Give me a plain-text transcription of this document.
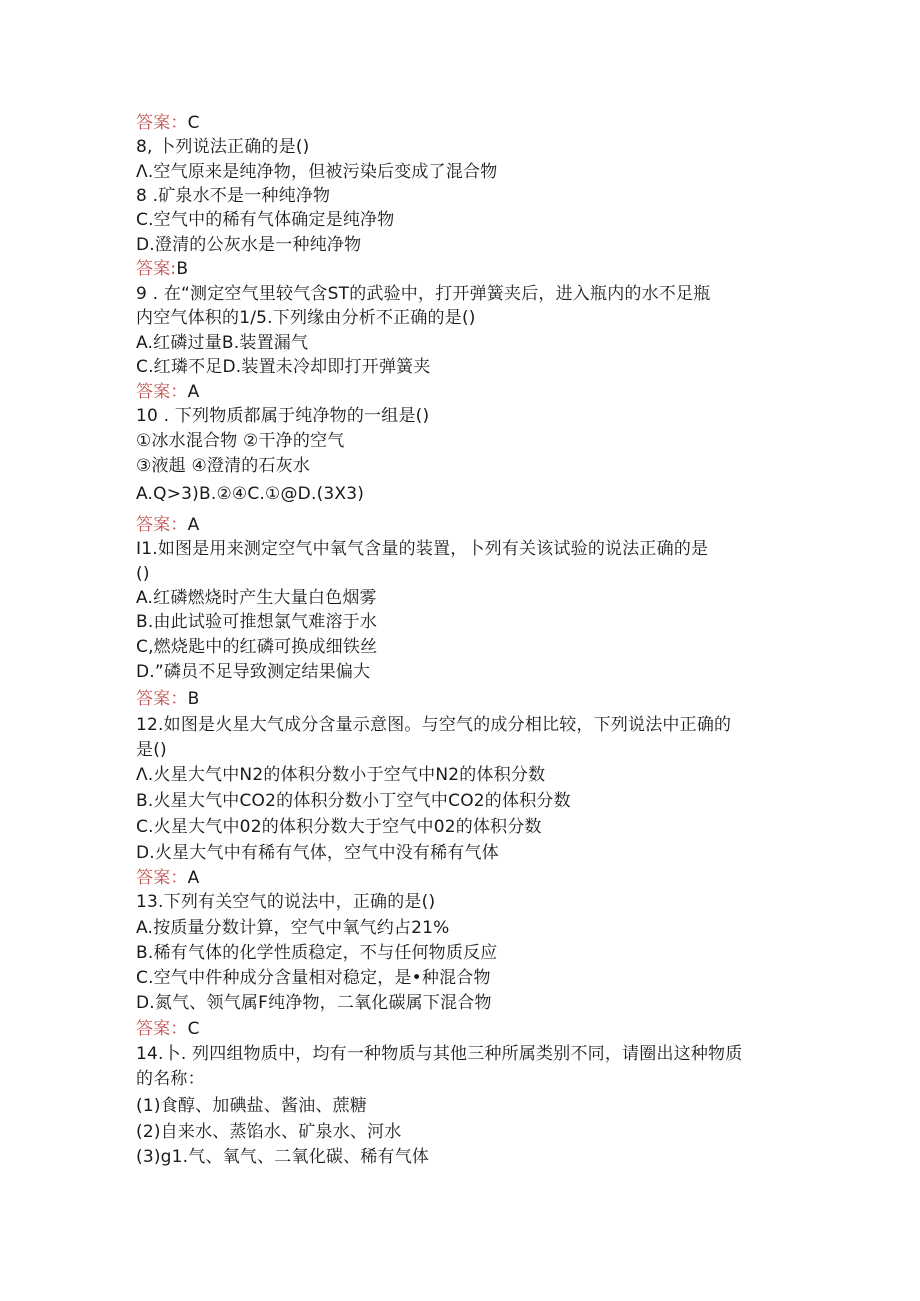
答案：C
8, 卜列说法正确的是()
Λ.空气原来是纯净物，但被污染后变成了混合物
8 .矿泉水不是一种纯净物
C.空气中的稀有气体确定是纯净物
D.澄清的公灰水是一种纯净物
答案:B
9 . 在“测定空气里较气含ST的武验中，打开弹簧夹后，进入瓶内的水不足瓶
内空气体积的1/5.下列缘由分析不正确的是()
A.红磷过量B.装置漏气
C.红璘不足D.装置未冷却即打开弹簧夹
答案：A
10 . 下列物质都属于纯净物的一组是()
①冰水混合物 ②干净的空气
③液趄 ④澄清的石灰水
A.Q>3)B.②④C.①@D.(3X3)
答案：A
I1.如图是用来测定空气中氧气含量的装置，卜列有关该试验的说法正确的是
()
A.红磷燃烧时产生大量白色烟雾
B.由此试验可推想氯气难溶于水
C,燃烧匙中的红磷可换成细铁丝
D.”磷员不足导致测定结果偏大
答案：B
12.如图是火星大气成分含量示意图。与空气的成分相比较，下列说法中正确的
是()
Λ.火星大气中N2的体积分数小于空气中N2的体积分数
B.火星大气中CO2的体积分数小丁空气中CO2的体积分数
C.火星大气中02的体积分数大于空气中02的体积分数
D.火星大气中有稀有气体，空气中没有稀有气体
答案：A
13.下列有关空气的说法中，正确的是()
A.按质量分数计算，空气中氧气约占21%
B.稀有气体的化学性质稳定，不与任何物质反应
C.空气中件种成分含量相对稳定，是•种混合物
D.氮气、领气属F纯净物，二氧化碳属下混合物
答案：C
14.卜. 列四组物质中，均有一种物质与其他三种所属类别不同，请圈出这种物质
的名称：
(1)食醇、加碘盐、酱油、蔗糖
(2)自来水、蒸馅水、矿泉水、河水
(3)g1.气、氧气、二氧化碳、稀有气体
